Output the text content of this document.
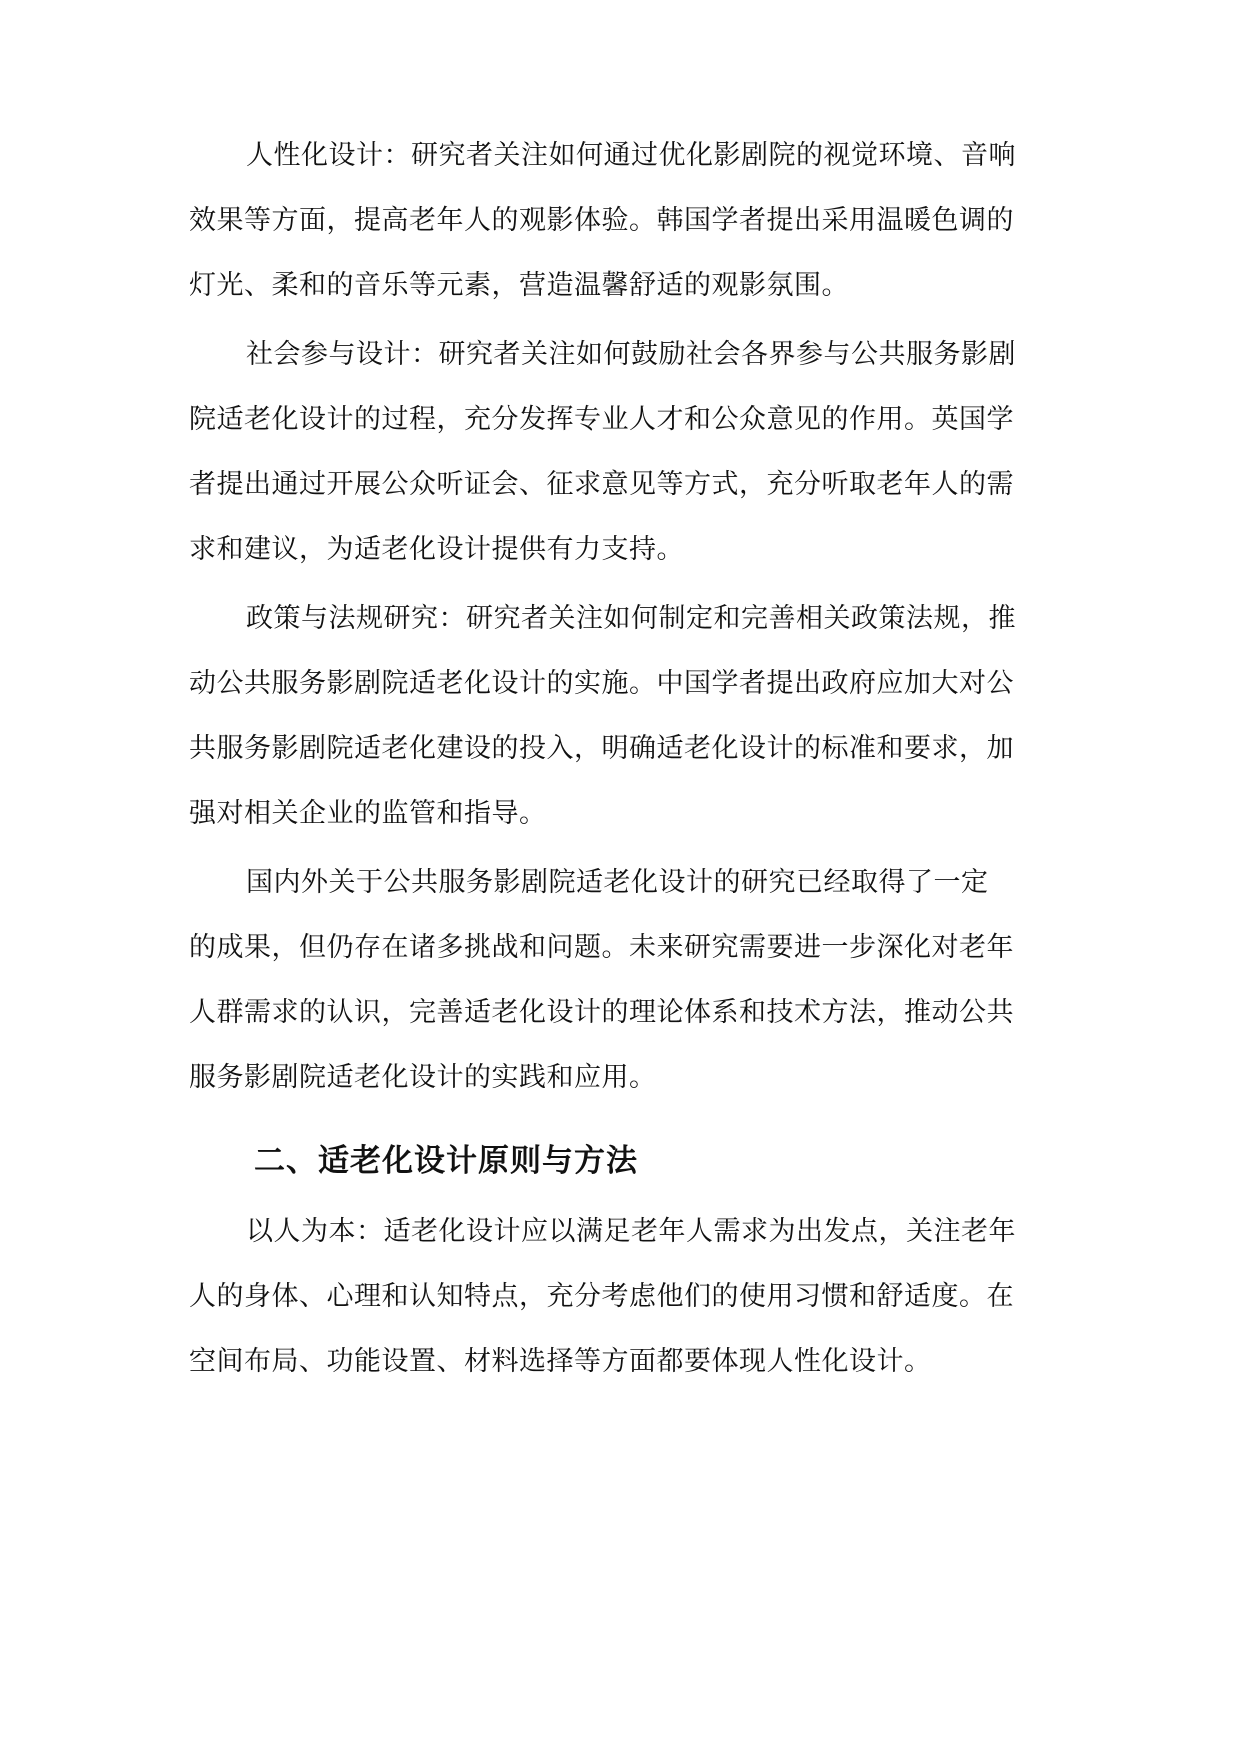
人性化设计：研究者关注如何通过优化影剧院的视觉环境、音响
效果等方面，提高老年人的观影体验。韩国学者提出采用温暖色调的
灯光、柔和的音乐等元素，营造温馨舒适的观影氛围。
社会参与设计：研究者关注如何鼓励社会各界参与公共服务影剧
院适老化设计的过程，充分发挥专业人才和公众意见的作用。英国学
者提出通过开展公众听证会、征求意见等方式，充分听取老年人的需
求和建议，为适老化设计提供有力支持。
政策与法规研究：研究者关注如何制定和完善相关政策法规，推
动公共服务影剧院适老化设计的实施。中国学者提出政府应加大对公
共服务影剧院适老化建设的投入，明确适老化设计的标准和要求，加
强对相关企业的监管和指导。
国内外关于公共服务影剧院适老化设计的研究已经取得了一定
的成果，但仍存在诸多挑战和问题。未来研究需要进一步深化对老年
人群需求的认识，完善适老化设计的理论体系和技术方法，推动公共
服务影剧院适老化设计的实践和应用。
二、适老化设计原则与方法
以人为本：适老化设计应以满足老年人需求为出发点，关注老年
人的身体、心理和认知特点，充分考虑他们的使用习惯和舒适度。在
空间布局、功能设置、材料选择等方面都要体现人性化设计。
